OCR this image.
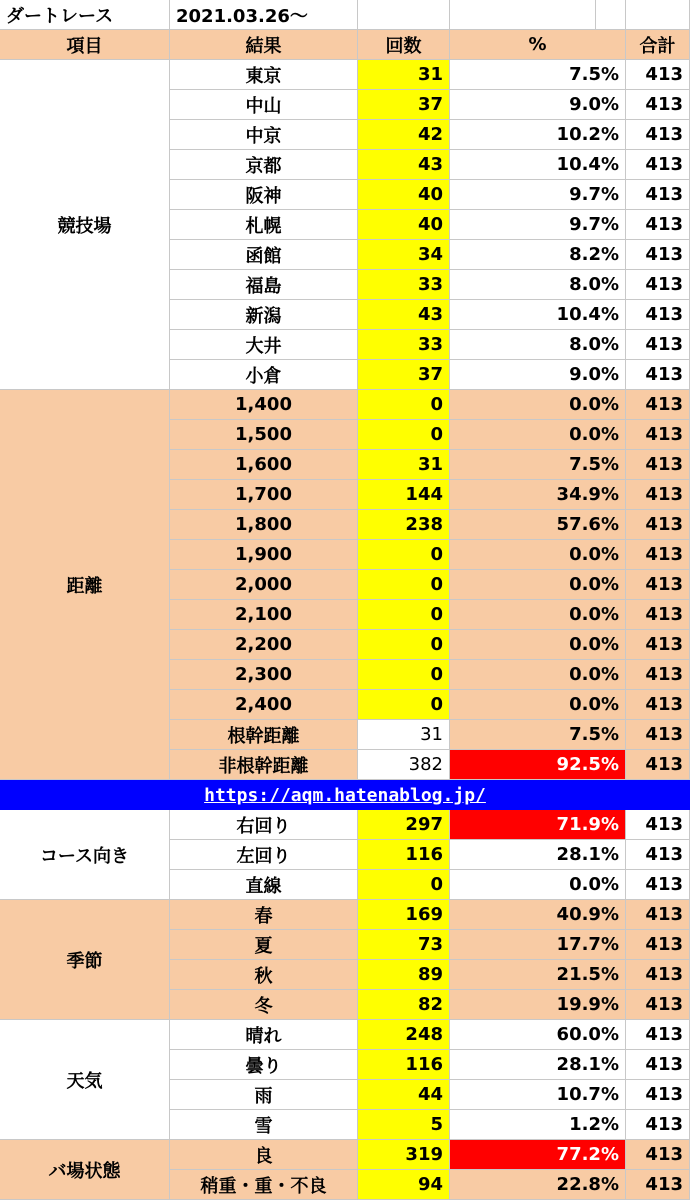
ダートレース	2021.03.26～
項目	結果	回数	%	合計
競技場
東京	31	7.5%	413
中山	37	9.0%	413
中京	42	10.2%	413
京都	43	10.4%	413
阪神	40	9.7%	413
札幌	40	9.7%	413
函館	34	8.2%	413
福島	33	8.0%	413
新潟	43	10.4%	413
大井	33	8.0%	413
小倉	37	9.0%	413
距離
1,400	0	0.0%	413
1,500	0	0.0%	413
1,600	31	7.5%	413
1,700	144	34.9%	413
1,800	238	57.6%	413
1,900	0	0.0%	413
2,000	0	0.0%	413
2,100	0	0.0%	413
2,200	0	0.0%	413
2,300	0	0.0%	413
2,400	0	0.0%	413
根幹距離	31	7.5%	413
非根幹距離	382	92.5%	413
https://aqm.hatenablog.jp/
コース向き
右回り	297	71.9%	413
左回り	116	28.1%	413
直線	0	0.0%	413
季節
春	169	40.9%	413
夏	73	17.7%	413
秋	89	21.5%	413
冬	82	19.9%	413
天気
晴れ	248	60.0%	413
曇り	116	28.1%	413
雨	44	10.7%	413
雪	5	1.2%	413
バ場状態
良	319	77.2%	413
稍重・重・不良	94	22.8%	413
